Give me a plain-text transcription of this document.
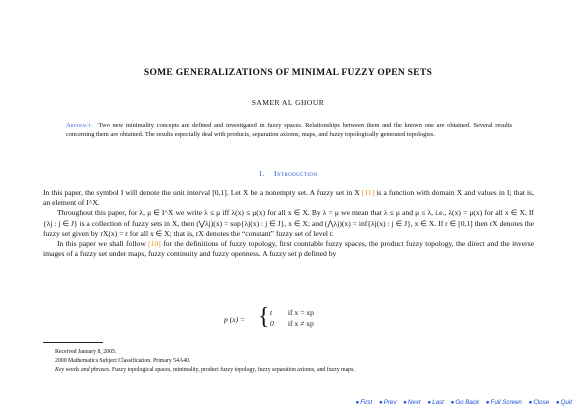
SOME GENERALIZATIONS OF MINIMAL FUZZY OPEN SETS
SAMER AL GHOUR
Abstract. Two new minimality concepts are defined and investigated in fuzzy spaces. Relationships between them and the known one are obtained. Several results concerning them are obtained. The results especially deal with products, separation axioms, maps, and fuzzy topologically generated topologies.
1. Introduction

In this paper, the symbol I will denote the unit interval [0,1]. Let X be a nonempty set. A fuzzy set in X [11] is a function with domain X and values in I; that is, an element of I^X.

Throughout this paper, for λ, μ ∈ I^X we write λ ≤ μ iff λ(x) ≤ μ(x) for all x ∈ X. By λ = μ we mean that λ ≤ μ and μ ≤ λ, i.e., λ(x) = μ(x) for all x ∈ X. If {λj : j ∈ J} is a collection of fuzzy sets in X, then (⋁λj)(x) = sup{λj(x) : j ∈ J}, x ∈ X; and (⋀λj)(x) = inf{λj(x) : j ∈ J}, x ∈ X. If r ∈ [0,1] then rX denotes the fuzzy set given by rX(x) = r for all x ∈ X; that is, rX denotes the “constant” fuzzy set of level r.

In this paper we shall follow [10] for the definitions of fuzzy topology, first countable fuzzy spaces, the product fuzzy topology, the direct and the inverse images of a fuzzy set under maps, fuzzy continuity and fuzzy openness. A fuzzy set p defined by

p (x) = { t if x = xp
0 if x ≠ xp
Received January 8, 2005.
2000 Mathematics Subject Classification. Primary 54A40.
Key words and phrases. Fuzzy topological spaces, minimality, product fuzzy topology, fuzzy separation axioms, and fuzzy maps.
●First ●Prev ●Next ●Last ●Go Back ●Full Screen ●Close ●Quit
